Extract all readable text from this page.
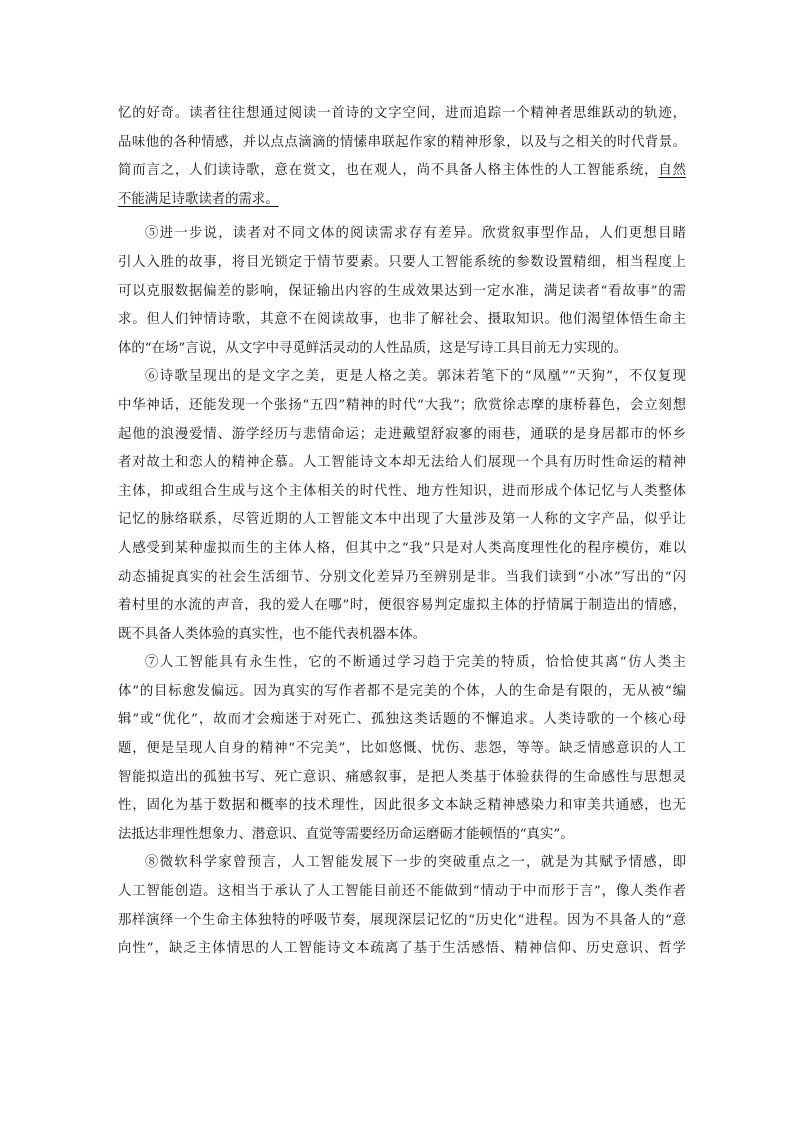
忆的好奇。读者往往想通过阅读一首诗的文字空间，进而追踪一个精神者思维跃动的轨迹，
品味他的各种情感，并以点点滴滴的情愫串联起作家的精神形象，以及与之相关的时代背景。
简而言之，人们读诗歌，意在赏文，也在观人，尚不具备人格主体性的人工智能系统，自然
不能满足诗歌读者的需求。
⑤进一步说，读者对不同文体的阅读需求存有差异。欣赏叙事型作品，人们更想目睹
引人入胜的故事，将目光锁定于情节要素。只要人工智能系统的参数设置精细，相当程度上
可以克服数据偏差的影响，保证输出内容的生成效果达到一定水准，满足读者“看故事”的需
求。但人们钟情诗歌，其意不在阅读故事，也非了解社会、摄取知识。他们渴望体悟生命主
体的“在场”言说，从文字中寻觅鲜活灵动的人性品质，这是写诗工具目前无力实现的。
⑥诗歌呈现出的是文字之美，更是人格之美。郭沫若笔下的“凤凰”“天狗”，不仅复现
中华神话，还能发现一个张扬“五四”精神的时代“大我”；欣赏徐志摩的康桥暮色，会立刻想
起他的浪漫爱情、游学经历与悲情命运；走进戴望舒寂寥的雨巷，通联的是身居都市的怀乡
者对故土和恋人的精神企慕。人工智能诗文本却无法给人们展现一个具有历时性命运的精神
主体，抑或组合生成与这个主体相关的时代性、地方性知识，进而形成个体记忆与人类整体
记忆的脉络联系，尽管近期的人工智能文本中出现了大量涉及第一人称的文字产品，似乎让
人感受到某种虚拟而生的主体人格，但其中之“我”只是对人类高度理性化的程序模仿，难以
动态捕捉真实的社会生活细节、分别文化差异乃至辨别是非。当我们读到“小冰”写出的“闪
着村里的水流的声音，我的爱人在哪”时，便很容易判定虚拟主体的抒情属于制造出的情感，
既不具备人类体验的真实性，也不能代表机器本体。
⑦人工智能具有永生性，它的不断通过学习趋于完美的特质，恰恰使其离“仿人类主
体”的目标愈发偏远。因为真实的写作者都不是完美的个体，人的生命是有限的，无从被“编
辑”或“优化”，故而才会痴迷于对死亡、孤独这类话题的不懈追求。人类诗歌的一个核心母
题，便是呈现人自身的精神“不完美”，比如悠慨、忧伤、悲怨，等等。缺乏情感意识的人工
智能拟造出的孤独书写、死亡意识、痛感叙事，是把人类基于体验获得的生命感性与思想灵
性，固化为基于数据和概率的技术理性，因此很多文本缺乏精神感染力和审美共通感，也无
法抵达非理性想象力、潜意识、直觉等需要经历命运磨砺才能顿悟的“真实”。
⑧微软科学家曾预言，人工智能发展下一步的突破重点之一，就是为其赋予情感，即
人工智能创造。这相当于承认了人工智能目前还不能做到“情动于中而形于言”，像人类作者
那样演绎一个生命主体独特的呼吸节奏，展现深层记忆的“历史化”进程。因为不具备人的“意
向性”，缺乏主体情思的人工智能诗文本疏离了基于生活感悟、精神信仰、历史意识、哲学
